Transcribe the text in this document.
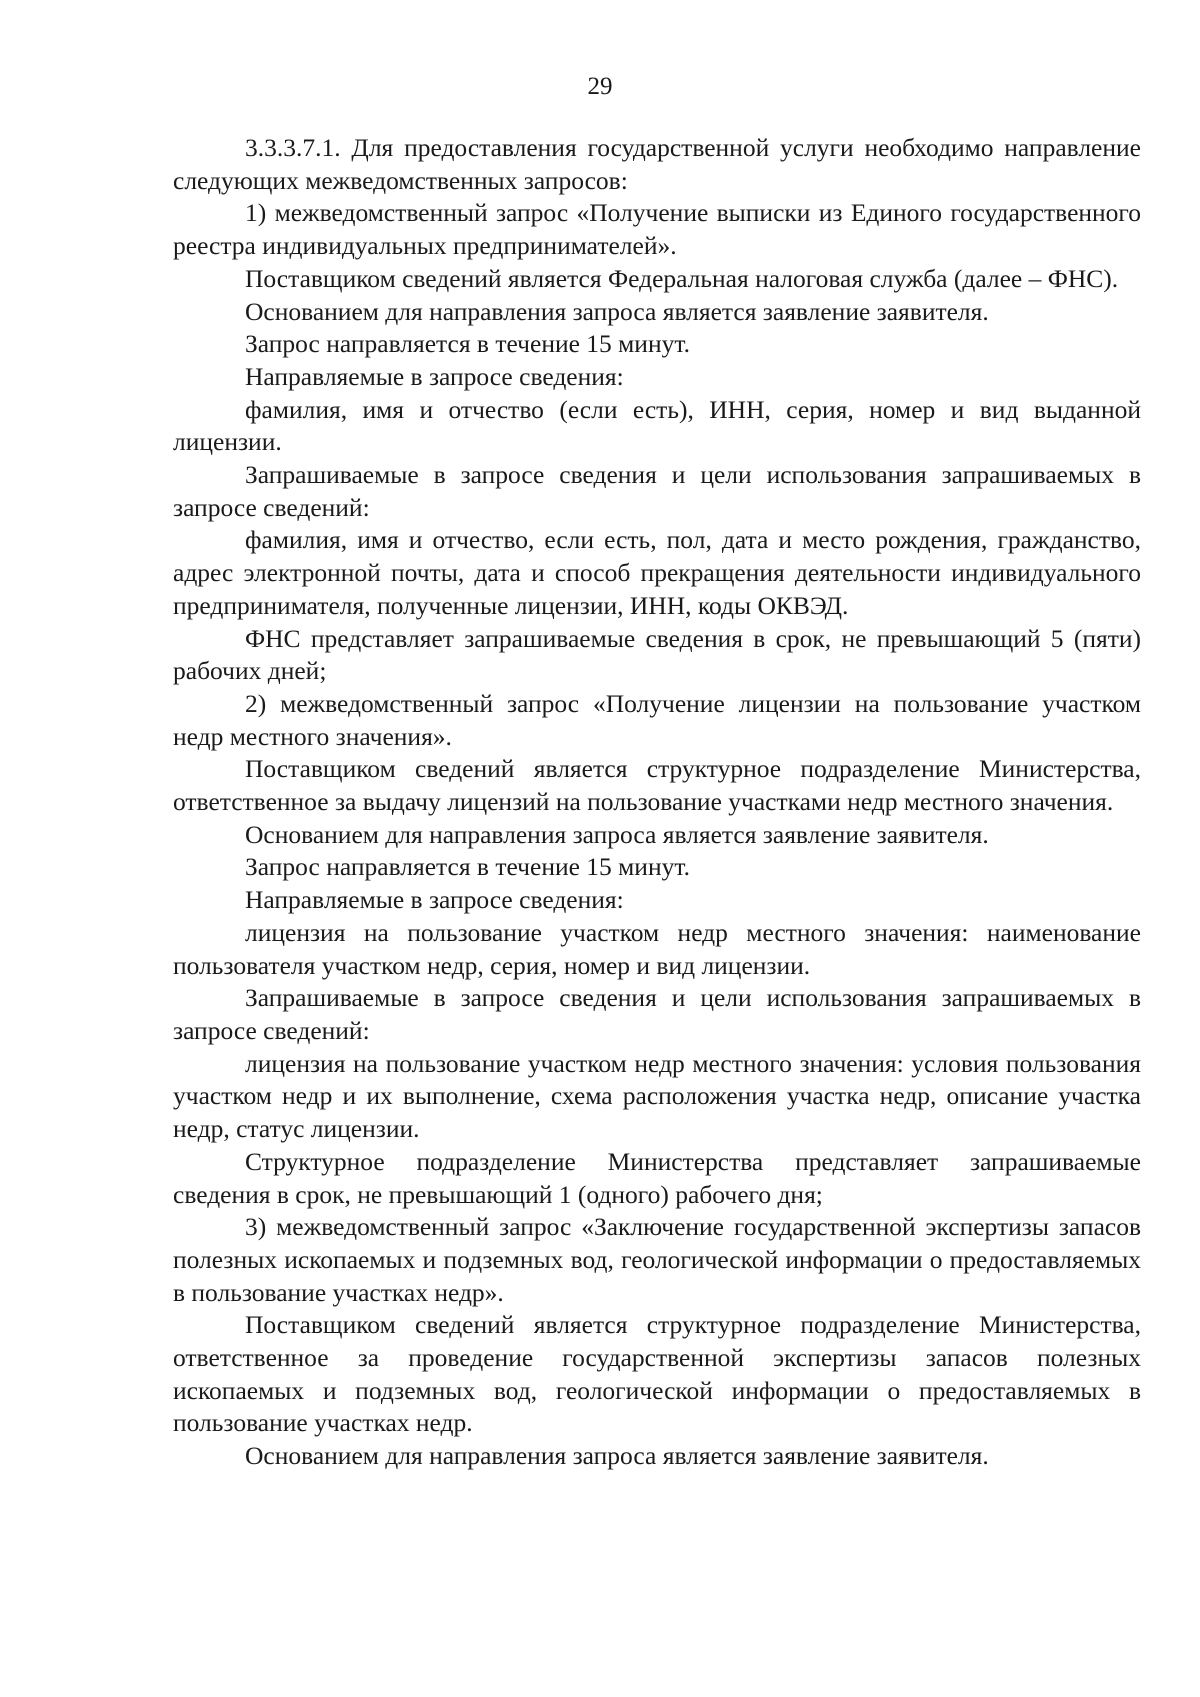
29

3.3.3.7.1. Для предоставления государственной услуги необходимо направление следующих межведомственных запросов:

1) межведомственный запрос «Получение выписки из Единого государственного реестра индивидуальных предпринимателей».

Поставщиком сведений является Федеральная налоговая служба (далее – ФНС).

Основанием для направления запроса является заявление заявителя.

Запрос направляется в течение 15 минут.

Направляемые в запросе сведения:

фамилия, имя и отчество (если есть), ИНН, серия, номер и вид выданной лицензии.

Запрашиваемые в запросе сведения и цели использования запрашиваемых в запросе сведений:

фамилия, имя и отчество, если есть, пол, дата и место рождения, гражданство, адрес электронной почты, дата и способ прекращения деятельности индивидуального предпринимателя, полученные лицензии, ИНН, коды ОКВЭД.

ФНС представляет запрашиваемые сведения в срок, не превышающий 5 (пяти) рабочих дней;

2) межведомственный запрос «Получение лицензии на пользование участком недр местного значения».

Поставщиком сведений является структурное подразделение Министерства, ответственное за выдачу лицензий на пользование участками недр местного значения.

Основанием для направления запроса является заявление заявителя.

Запрос направляется в течение 15 минут.

Направляемые в запросе сведения:

лицензия на пользование участком недр местного значения: наименование пользователя участком недр, серия, номер и вид лицензии.

Запрашиваемые в запросе сведения и цели использования запрашиваемых в запросе сведений:

лицензия на пользование участком недр местного значения: условия пользования участком недр и их выполнение, схема расположения участка недр, описание участка недр, статус лицензии.

Структурное подразделение Министерства представляет запрашиваемые сведения в срок, не превышающий 1 (одного) рабочего дня;

3) межведомственный запрос «Заключение государственной экспертизы запасов полезных ископаемых и подземных вод, геологической информации о предоставляемых в пользование участках недр».

Поставщиком сведений является структурное подразделение Министерства, ответственное за проведение государственной экспертизы запасов полезных ископаемых и подземных вод, геологической информации о предоставляемых в пользование участках недр.

Основанием для направления запроса является заявление заявителя.
